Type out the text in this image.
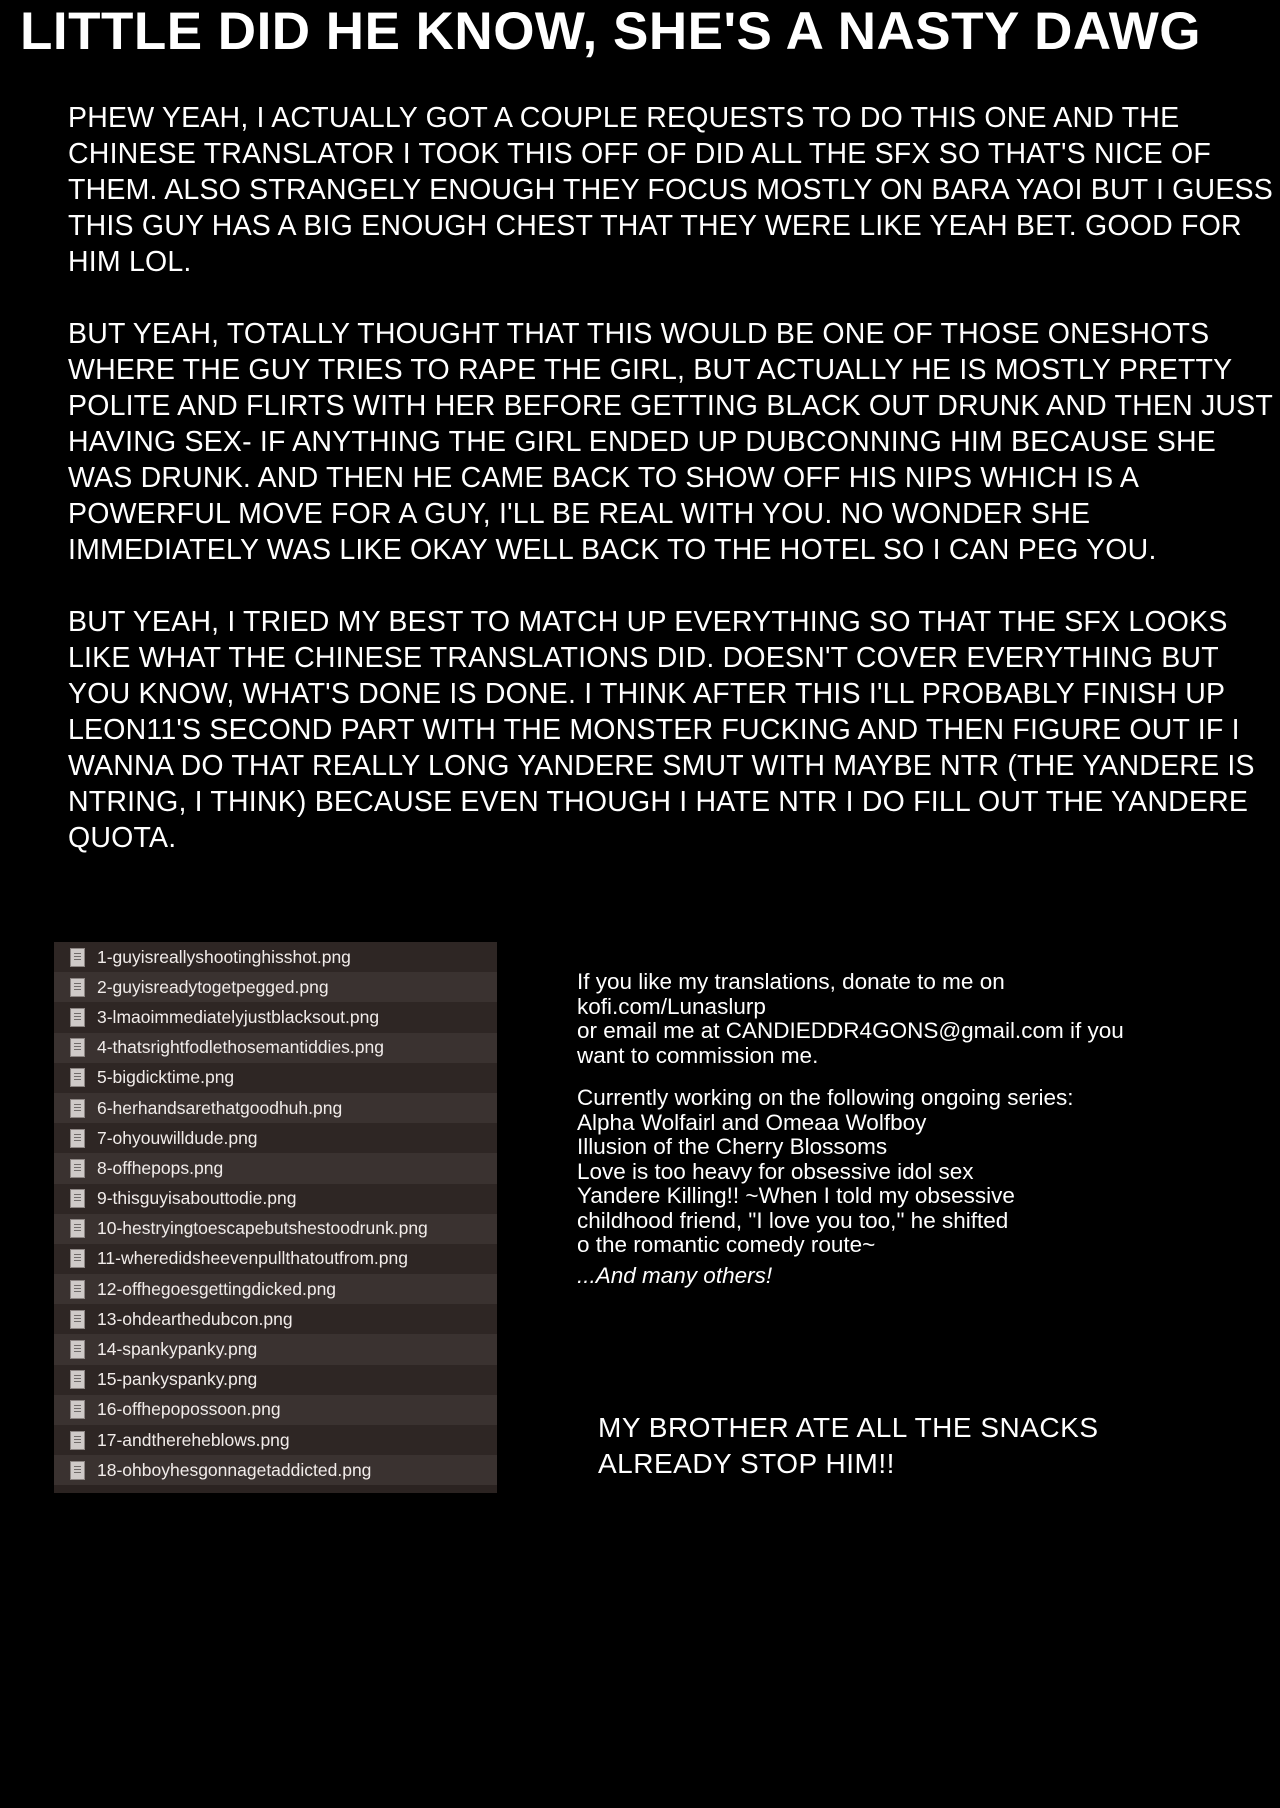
LITTLE DID HE KNOW, SHE'S A NASTY DAWG

PHEW YEAH, I ACTUALLY GOT A COUPLE REQUESTS TO DO THIS ONE AND THE CHINESE TRANSLATOR I TOOK THIS OFF OF DID ALL THE SFX SO THAT'S NICE OF THEM. ALSO STRANGELY ENOUGH THEY FOCUS MOSTLY ON BARA YAOI BUT I GUESS THIS GUY HAS A BIG ENOUGH CHEST THAT THEY WERE LIKE YEAH BET. GOOD FOR HIM LOL.

BUT YEAH, TOTALLY THOUGHT THAT THIS WOULD BE ONE OF THOSE ONESHOTS WHERE THE GUY TRIES TO RAPE THE GIRL, BUT ACTUALLY HE IS MOSTLY PRETTY POLITE AND FLIRTS WITH HER BEFORE GETTING BLACK OUT DRUNK AND THEN JUST HAVING SEX- IF ANYTHING THE GIRL ENDED UP DUBCONNING HIM BECAUSE SHE WAS DRUNK. AND THEN HE CAME BACK TO SHOW OFF HIS NIPS WHICH IS A POWERFUL MOVE FOR A GUY, I'LL BE REAL WITH YOU. NO WONDER SHE IMMEDIATELY WAS LIKE OKAY WELL BACK TO THE HOTEL SO I CAN PEG YOU.

BUT YEAH, I TRIED MY BEST TO MATCH UP EVERYTHING SO THAT THE SFX LOOKS LIKE WHAT THE CHINESE TRANSLATIONS DID. DOESN'T COVER EVERYTHING BUT YOU KNOW, WHAT'S DONE IS DONE. I THINK AFTER THIS I'LL PROBABLY FINISH UP LEON11'S SECOND PART WITH THE MONSTER FUCKING AND THEN FIGURE OUT IF I WANNA DO THAT REALLY LONG YANDERE SMUT WITH MAYBE NTR (THE YANDERE IS NTRING, I THINK) BECAUSE EVEN THOUGH I HATE NTR I DO FILL OUT THE YANDERE QUOTA.

1-guyisreallyshootinghisshot.png
2-guyisreadytogetpegged.png
3-lmaoimmediatelyjustblacksout.png
4-thatsrightfodlethosemantiddies.png
5-bigdicktime.png
6-herhandsarethatgoodhuh.png
7-ohyouwilldude.png
8-offhepops.png
9-thisguyisabouttodie.png
10-hestryingtoescapebutshestoodrunk.png
11-wheredidsheevenpullthatoutfrom.png
12-offhegoesgettingdicked.png
13-ohdearthedubcon.png
14-spankypanky.png
15-pankyspanky.png
16-offhepopossoon.png
17-andthereheblows.png
18-ohboyhesgonnagetaddicted.png
If you like my translations, donate to me on
kofi.com/Lunaslurp
or email me at CANDIEDDR4GONS@gmail.com if you
want to commission me.
Currently working on the following ongoing series:
Alpha Wolfairl and Omeaa Wolfboy
Illusion of the Cherry Blossoms
Love is too heavy for obsessive idol sex
Yandere Killing!! ~When I told my obsessive
childhood friend, "I love you too," he shifted
o the romantic comedy route~
...And many others!
MY BROTHER ATE ALL THE SNACKS ALREADY STOP HIM!!
